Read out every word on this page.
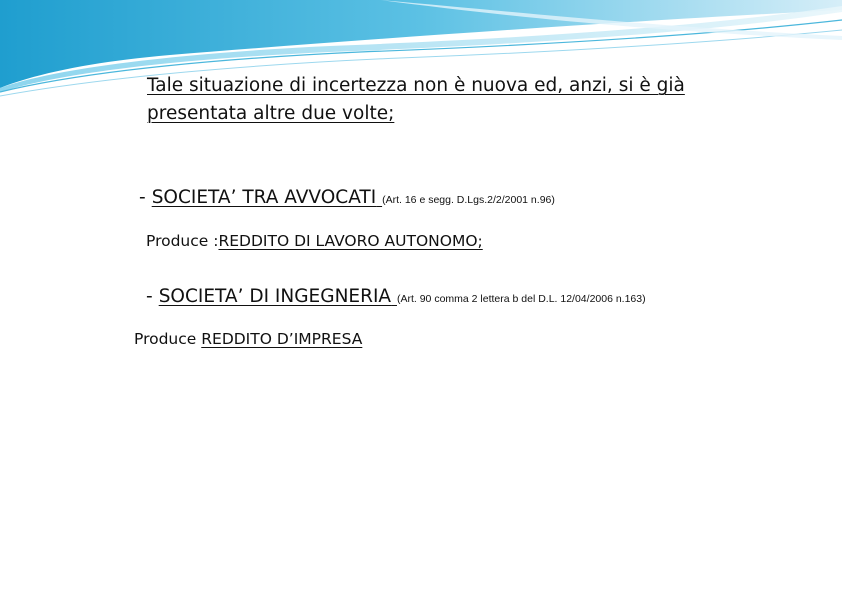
Tale situazione di incertezza non è nuova ed, anzi, si è già
presentata altre due volte;
- SOCIETA’ TRA AVVOCATI (Art. 16 e segg. D.Lgs.2/2/2001 n.96)
Produce :REDDITO DI LAVORO AUTONOMO;
- SOCIETA’ DI INGEGNERIA (Art. 90 comma 2 lettera b del D.L. 12/04/2006 n.163)
Produce REDDITO D’IMPRESA
